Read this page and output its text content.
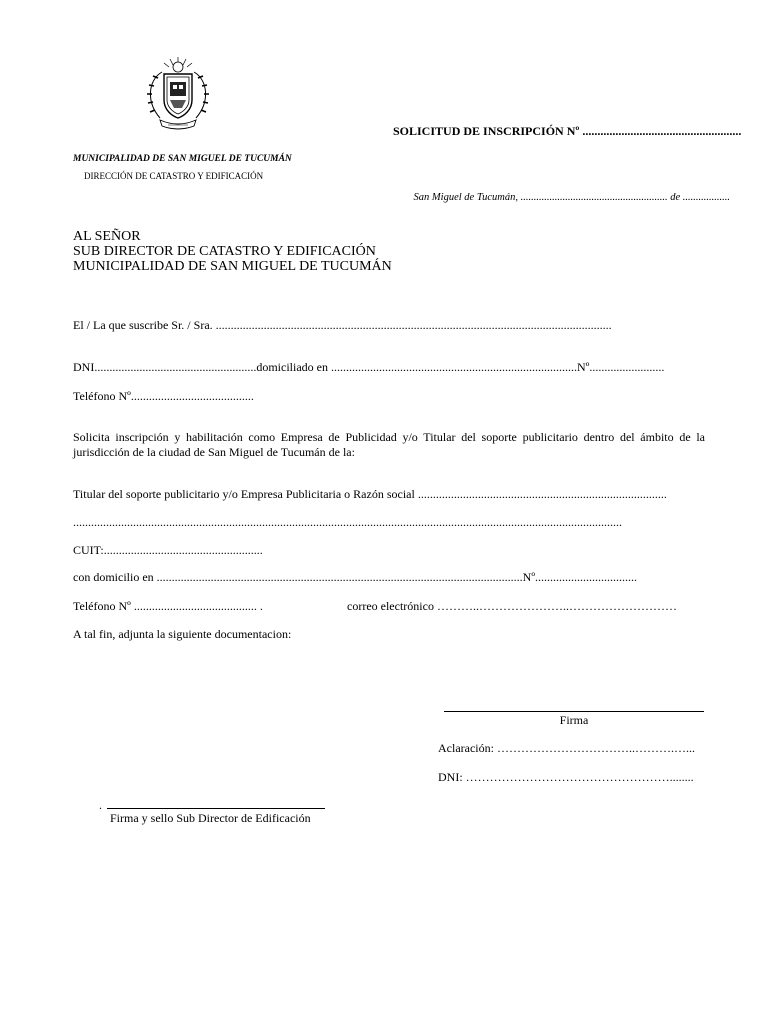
SOLICITUD DE INSCRIPCIÓN Nº .....................................................
MUNICIPALIDAD DE SAN MIGUEL DE TUCUMÁN
DIRECCIÓN DE CATASTRO Y EDIFICACIÓN
San Miguel de Tucumán, ........................................................ de ..................
AL SEÑOR
SUB DIRECTOR DE CATASTRO Y EDIFICACIÓN
MUNICIPALIDAD DE SAN MIGUEL DE TUCUMÁN
El / La que suscribe Sr. / Sra. ....................................................................................................................................
DNI......................................................domiciliado en ..................................................................................Nº.........................
Teléfono Nº.........................................
Solicita inscripción y habilitación como Empresa de Publicidad y/o Titular del soporte publicitario dentro del ámbito de la jurisdicción de la ciudad de San Miguel de Tucumán de la:
Titular del soporte publicitario y/o Empresa Publicitaria o Razón social ...................................................................................
.......................................................................................................................................................................................
CUIT:.....................................................
con domicilio en ..........................................................................................................................Nº..................................
Teléfono Nº ......................................... .	correo electrónico ………..…………………..………………………
A tal fin, adjunta la siguiente documentacion:
Firma
Aclaración: ……………………………..……….…...
DNI: ……………………………………………........
.
Firma y sello Sub Director de Edificación
